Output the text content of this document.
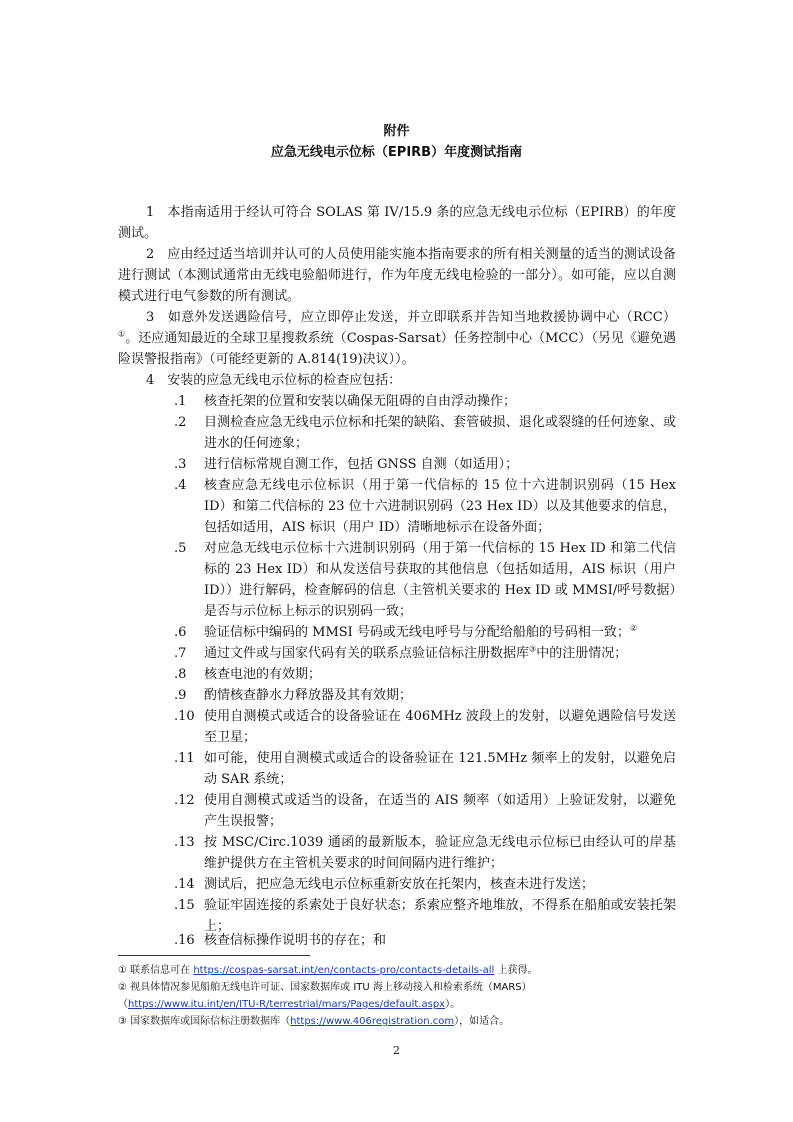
附件
应急无线电示位标（EPIRB）年度测试指南
1　本指南适用于经认可符合 SOLAS 第 IV/15.9 条的应急无线电示位标（EPIRB）的年度测试。
2　应由经过适当培训并认可的人员使用能实施本指南要求的所有相关测量的适当的测试设备进行测试（本测试通常由无线电验船师进行，作为年度无线电检验的一部分）。如可能，应以自测模式进行电气参数的所有测试。
3　如意外发送遇险信号，应立即停止发送，并立即联系并告知当地救援协调中心（RCC）①。还应通知最近的全球卫星搜救系统（Cospas-Sarsat）任务控制中心（MCC）（另见《避免遇险误警报指南》（可能经更新的 A.814(19)决议））。
4　安装的应急无线电示位标的检查应包括：
.1	核查托架的位置和安装以确保无阻碍的自由浮动操作；
.2	目测检查应急无线电示位标和托架的缺陷、套管破损、退化或裂缝的任何迹象、或进水的任何迹象；
.3	进行信标常规自测工作，包括 GNSS 自测（如适用）；
.4	核查应急无线电示位标识（用于第一代信标的 15 位十六进制识别码（15 Hex ID）和第二代信标的 23 位十六进制识别码（23 Hex ID）以及其他要求的信息，包括如适用，AIS 标识（用户 ID）清晰地标示在设备外面；
.5	对应急无线电示位标十六进制识别码（用于第一代信标的 15 Hex ID 和第二代信标的 23 Hex ID）和从发送信号获取的其他信息（包括如适用，AIS 标识（用户 ID））进行解码，检查解码的信息（主管机关要求的 Hex ID 或 MMSI/呼号数据）是否与示位标上标示的识别码一致；
.6	验证信标中编码的 MMSI 号码或无线电呼号与分配给船舶的号码相一致；②
.7	通过文件或与国家代码有关的联系点验证信标注册数据库③中的注册情况；
.8	核查电池的有效期；
.9	酌情核查静水力释放器及其有效期；
.10 使用自测模式或适合的设备验证在 406MHz 波段上的发射，以避免遇险信号发送至卫星；
.11 如可能，使用自测模式或适合的设备验证在 121.5MHz 频率上的发射，以避免启动 SAR 系统；
.12 使用自测模式或适当的设备，在适当的 AIS 频率（如适用）上验证发射，以避免产生误报警；
.13 按 MSC/Circ.1039 通函的最新版本，验证应急无线电示位标已由经认可的岸基维护提供方在主管机关要求的时间间隔内进行维护；
.14 测试后，把应急无线电示位标重新安放在托架内，核查未进行发送；
.15 验证牢固连接的系索处于良好状态；系索应整齐地堆放，不得系在船舶或安装托架上；
.16 核查信标操作说明书的存在；和
① 联系信息可在 https://cospas-sarsat.int/en/contacts-pro/contacts-details-all 上获得。
② 视具体情况参见船舶无线电许可证、国家数据库或 ITU 海上移动接入和检索系统（MARS）
（https://www.itu.int/en/ITU-R/terrestrial/mars/Pages/default.aspx）。
③ 国家数据库或国际信标注册数据库（https://www.406registration.com），如适合。
2
